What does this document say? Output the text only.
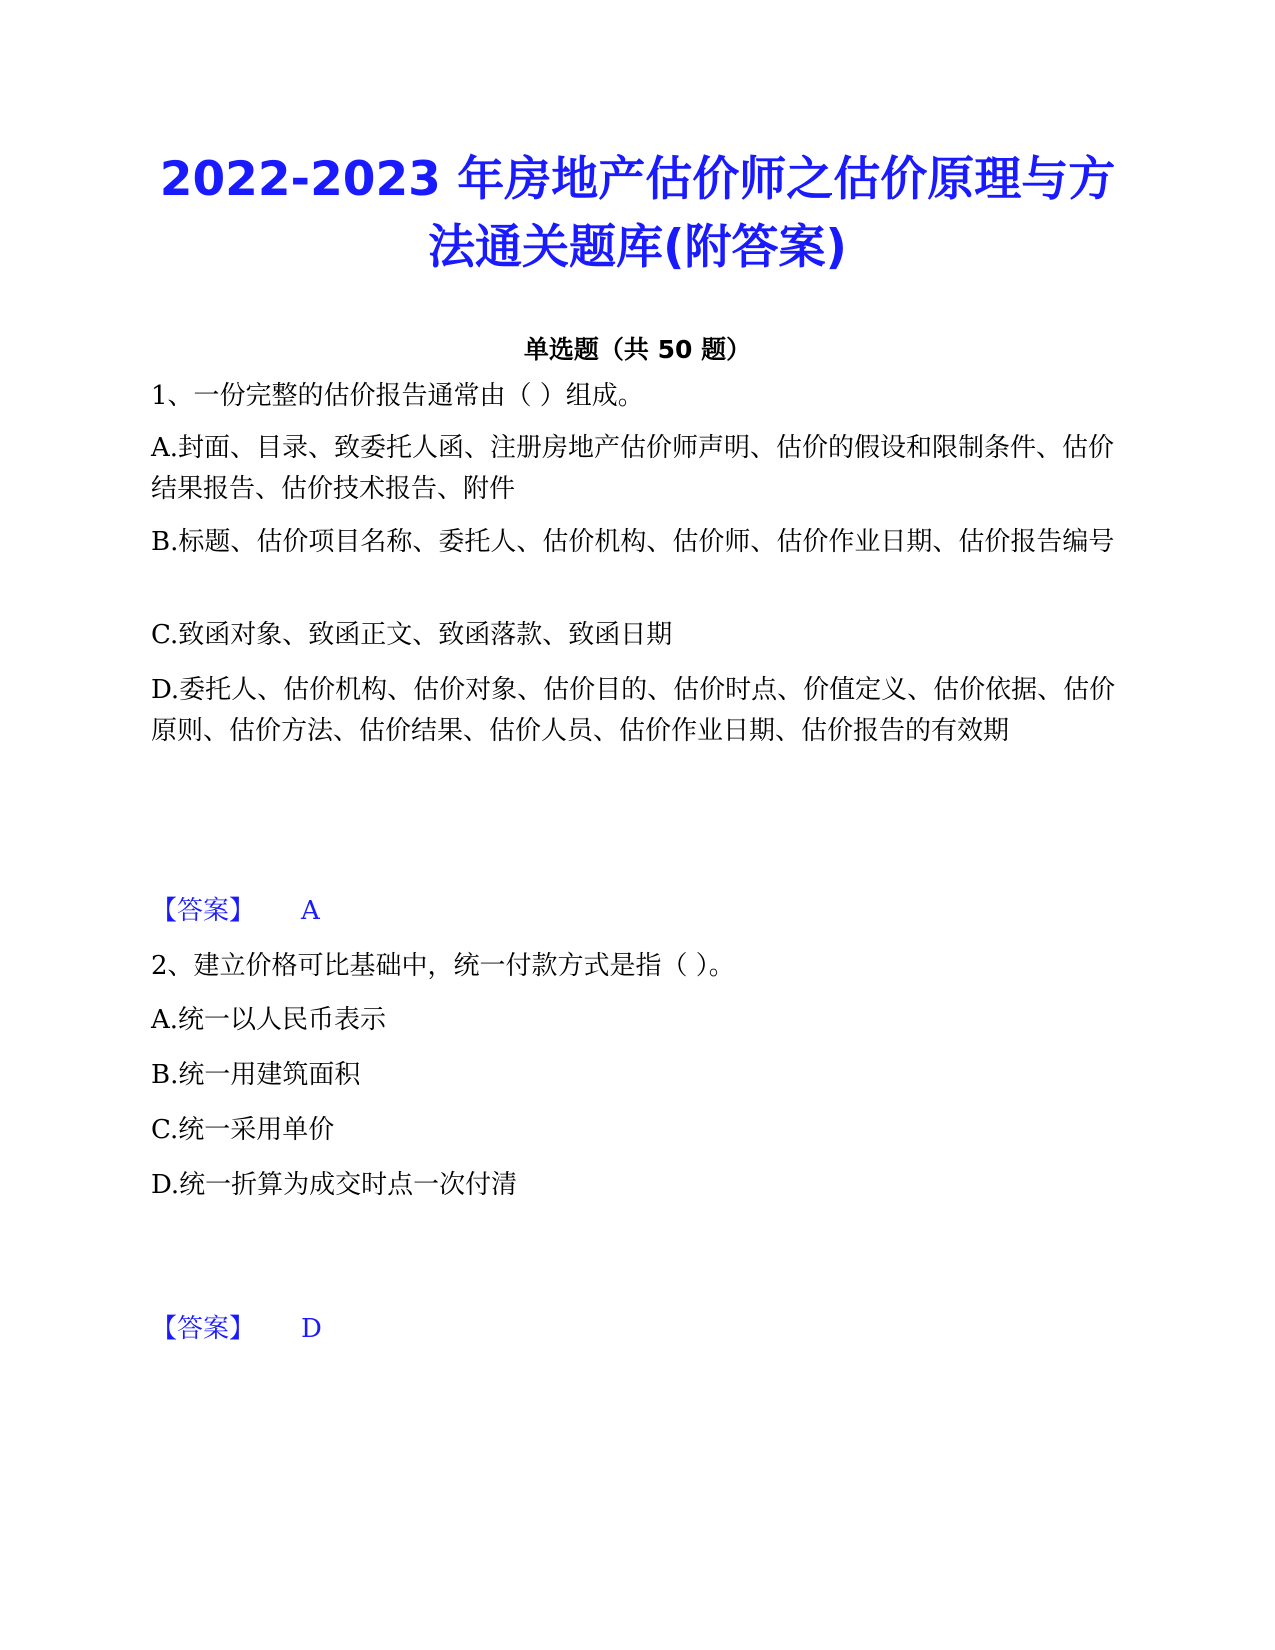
2022-2023 年房地产估价师之估价原理与方
法通关题库(附答案)
单选题（共 50 题）

1、一份完整的估价报告通常由（ ）组成。

A.封面、目录、致委托人函、注册房地产估价师声明、估价的假设和限制条件、估价结果报告、估价技术报告、附件

B.标题、估价项目名称、委托人、估价机构、估价师、估价作业日期、估价报告编号

C.致函对象、致函正文、致函落款、致函日期

D.委托人、估价机构、估价对象、估价目的、估价时点、价值定义、估价依据、估价原则、估价方法、估价结果、估价人员、估价作业日期、估价报告的有效期

【答案】 A

2、建立价格可比基础中，统一付款方式是指（ ）。

A.统一以人民币表示

B.统一用建筑面积

C.统一采用单价

D.统一折算为成交时点一次付清

【答案】 D
